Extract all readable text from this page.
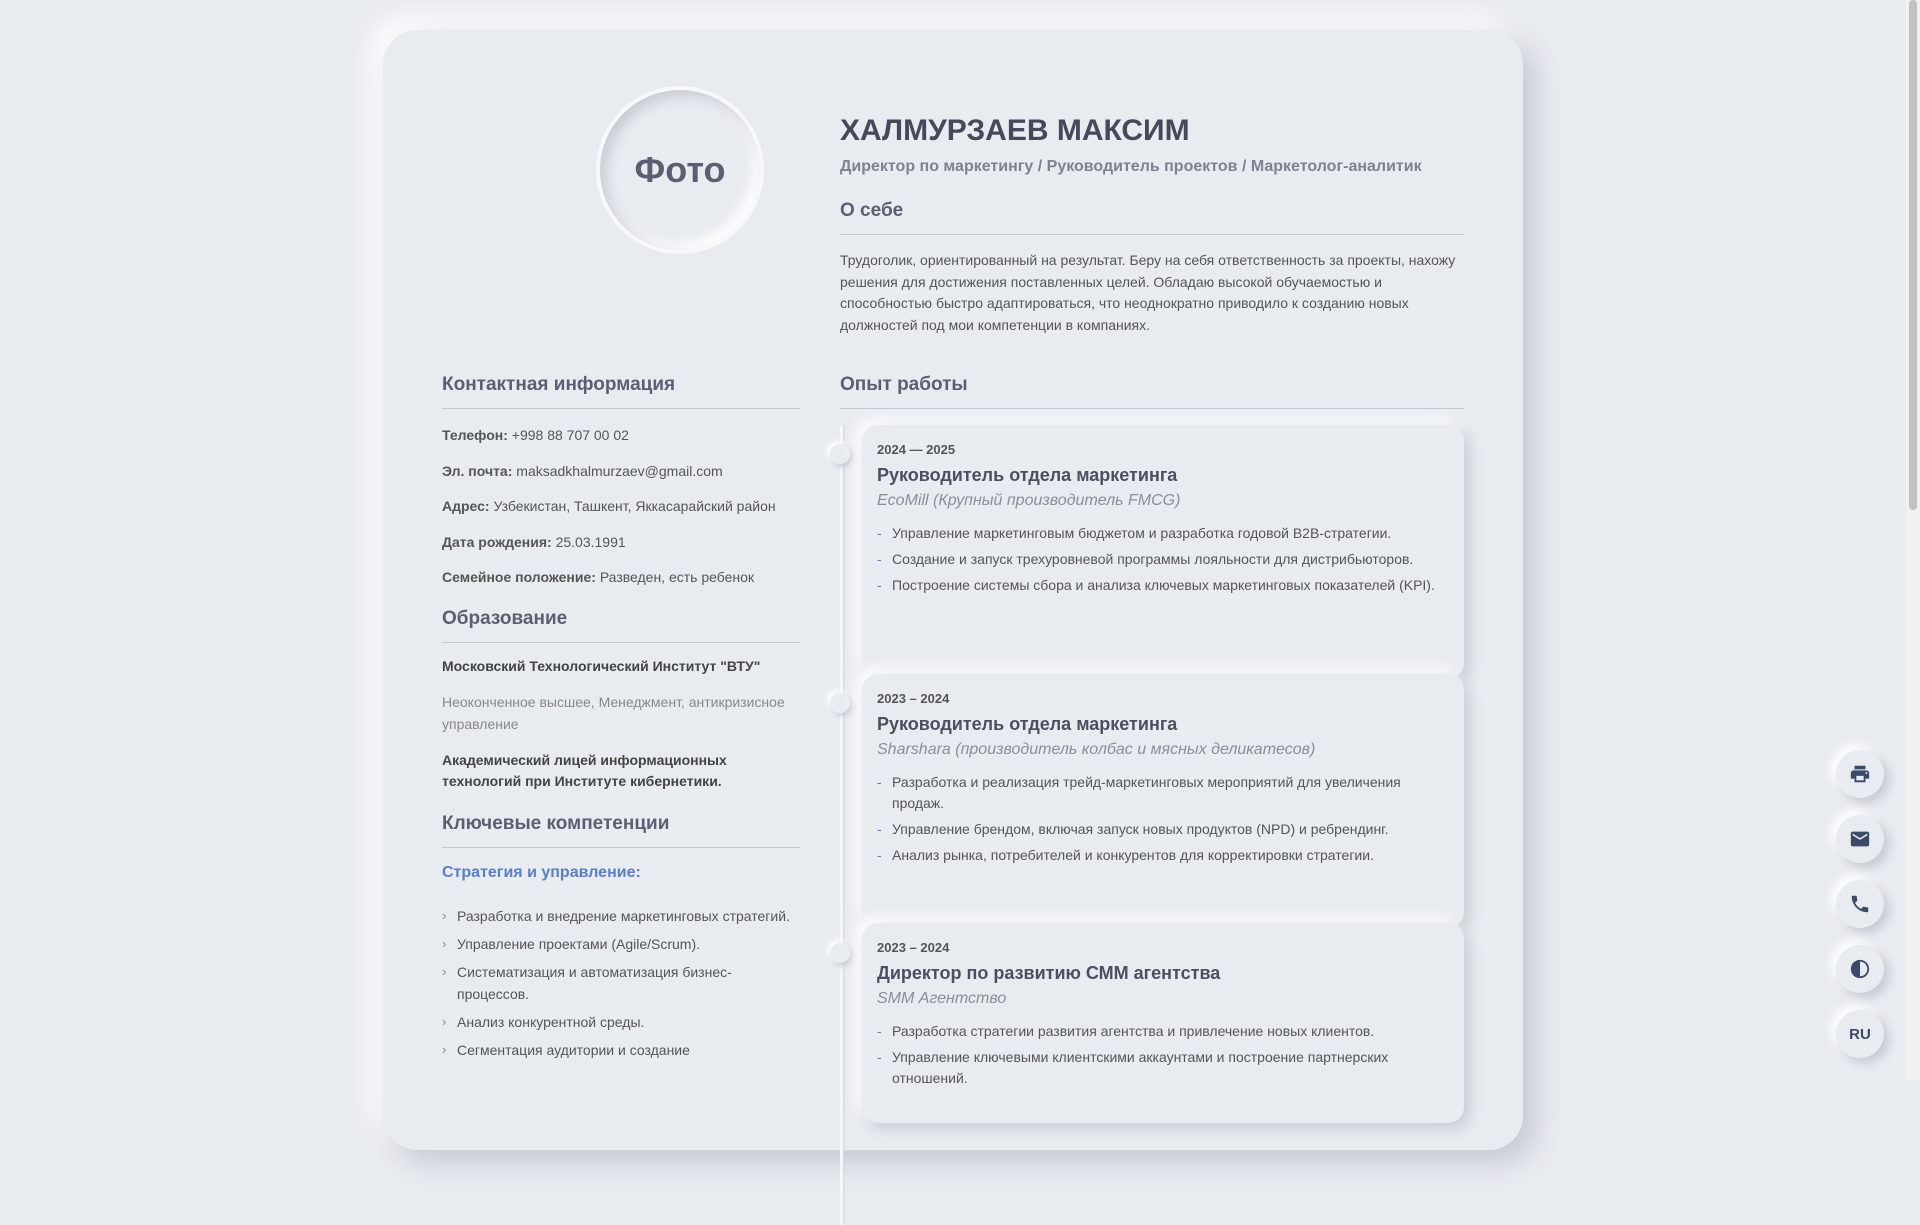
Фото
Контактная информация
Телефон: +998 88 707 00 02
Эл. почта: maksadkhalmurzaev@gmail.com
Адрес: Узбекистан, Ташкент, Яккасарайский район
Дата рождения: 25.03.1991
Семейное положение: Разведен, есть ребенок
Образование
Московский Технологический Институт "ВТУ"
Неоконченное высшее, Менеджмент, антикризисное управление
Академический лицей информационных технологий при Институте кибернетики.
Ключевые компетенции
Стратегия и управление:
› Разработка и внедрение маркетинговых стратегий.
› Управление проектами (Agile/Scrum).
› Систематизация и автоматизация бизнес-процессов.
› Анализ конкурентной среды.
› Сегментация аудитории и создание
ХАЛМУРЗАЕВ МАКСИМ
Директор по маркетингу / Руководитель проектов / Маркетолог-аналитик
О себе
Трудоголик, ориентированный на результат. Беру на себя ответственность за проекты, нахожу решения для достижения поставленных целей. Обладаю высокой обучаемостью и способностью быстро адаптироваться, что неоднократно приводило к созданию новых должностей под мои компетенции в компаниях.
Опыт работы
2024 — 2025
Руководитель отдела маркетинга
EcoMill (Крупный производитель FMCG)
- Управление маркетинговым бюджетом и разработка годовой B2B-стратегии.
- Создание и запуск трехуровневой программы лояльности для дистрибьюторов.
- Построение системы сбора и анализа ключевых маркетинговых показателей (KPI).
2023 – 2024
Руководитель отдела маркетинга
Sharshara (производитель колбас и мясных деликатесов)
- Разработка и реализация трейд-маркетинговых мероприятий для увеличения продаж.
- Управление брендом, включая запуск новых продуктов (NPD) и ребрендинг.
- Анализ рынка, потребителей и конкурентов для корректировки стратегии.
2023 – 2024
Директор по развитию СММ агентства
SMM Агентство
- Разработка стратегии развития агентства и привлечение новых клиентов.
- Управление ключевыми клиентскими аккаунтами и построение партнерских отношений.
RU
